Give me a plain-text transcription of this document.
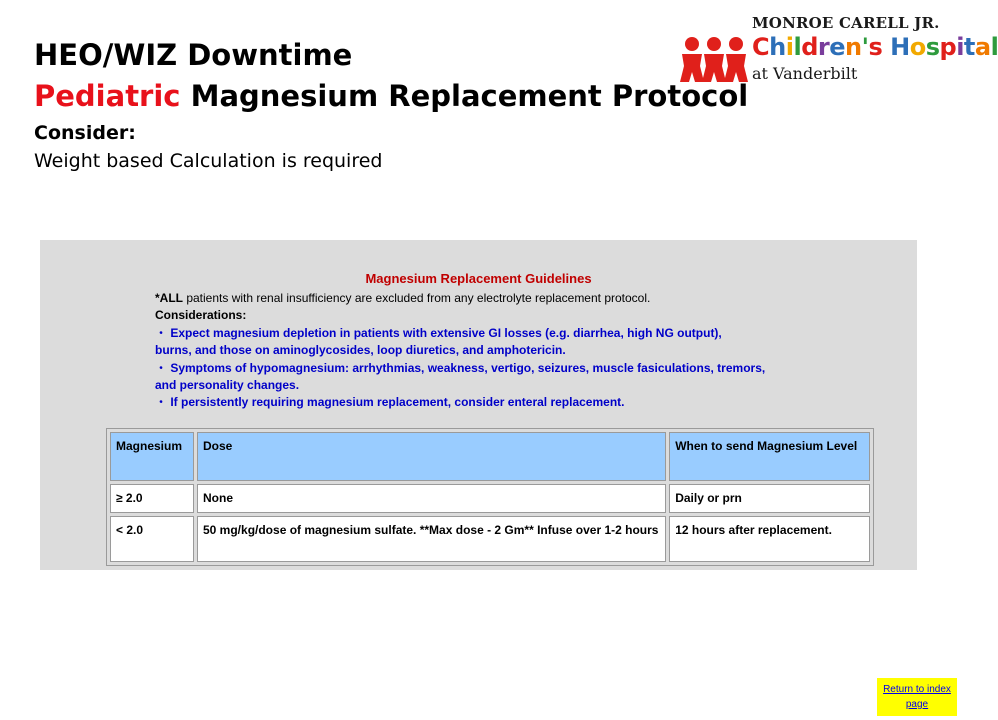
HEO/WIZ Downtime
Pediatric Magnesium Replacement Protocol
Consider:
Weight based Calculation is required
MONROE CARELL JR.
Children's Hospital
at Vanderbilt
Magnesium Replacement Guidelines
*ALL patients with renal insufficiency are excluded from any electrolyte replacement protocol.
Considerations:
・ Expect magnesium depletion in patients with extensive GI losses (e.g. diarrhea, high NG output),
burns, and those on aminoglycosides, loop diuretics, and amphotericin.
・ Symptoms of hypomagnesium: arrhythmias, weakness, vertigo, seizures, muscle fasiculations, tremors,
and personality changes.
・ If persistently requiring magnesium replacement, consider enteral replacement.
Magnesium	Dose	When to send Magnesium Level
≥ 2.0	None	Daily or prn
< 2.0	50 mg/kg/dose of magnesium sulfate. **Max dose - 2 Gm** Infuse over 1-2 hours	12 hours after replacement.
Return to index page
